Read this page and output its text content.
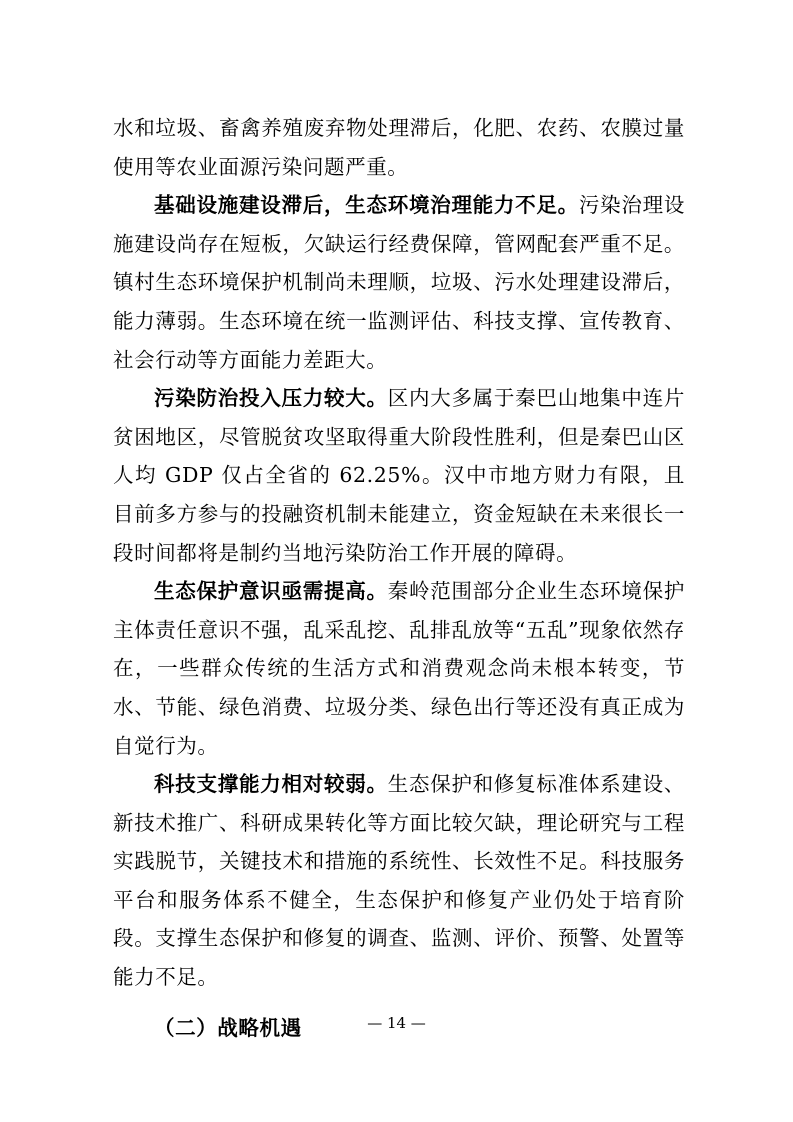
水和垃圾、畜禽养殖废弃物处理滞后，化肥、农药、农膜过量使用等农业面源污染问题严重。

基础设施建设滞后，生态环境治理能力不足。污染治理设施建设尚存在短板，欠缺运行经费保障，管网配套严重不足。镇村生态环境保护机制尚未理顺，垃圾、污水处理建设滞后，能力薄弱。生态环境在统一监测评估、科技支撑、宣传教育、社会行动等方面能力差距大。

污染防治投入压力较大。区内大多属于秦巴山地集中连片贫困地区，尽管脱贫攻坚取得重大阶段性胜利，但是秦巴山区人均 GDP 仅占全省的 62.25%。汉中市地方财力有限，且目前多方参与的投融资机制未能建立，资金短缺在未来很长一段时间都将是制约当地污染防治工作开展的障碍。

生态保护意识亟需提高。秦岭范围部分企业生态环境保护主体责任意识不强，乱采乱挖、乱排乱放等“五乱”现象依然存在，一些群众传统的生活方式和消费观念尚未根本转变，节水、节能、绿色消费、垃圾分类、绿色出行等还没有真正成为自觉行为。

科技支撑能力相对较弱。生态保护和修复标准体系建设、新技术推广、科研成果转化等方面比较欠缺，理论研究与工程实践脱节，关键技术和措施的系统性、长效性不足。科技服务平台和服务体系不健全，生态保护和修复产业仍处于培育阶段。支撑生态保护和修复的调查、监测、评价、预警、处置等能力不足。

（二）战略机遇	— 14 —
